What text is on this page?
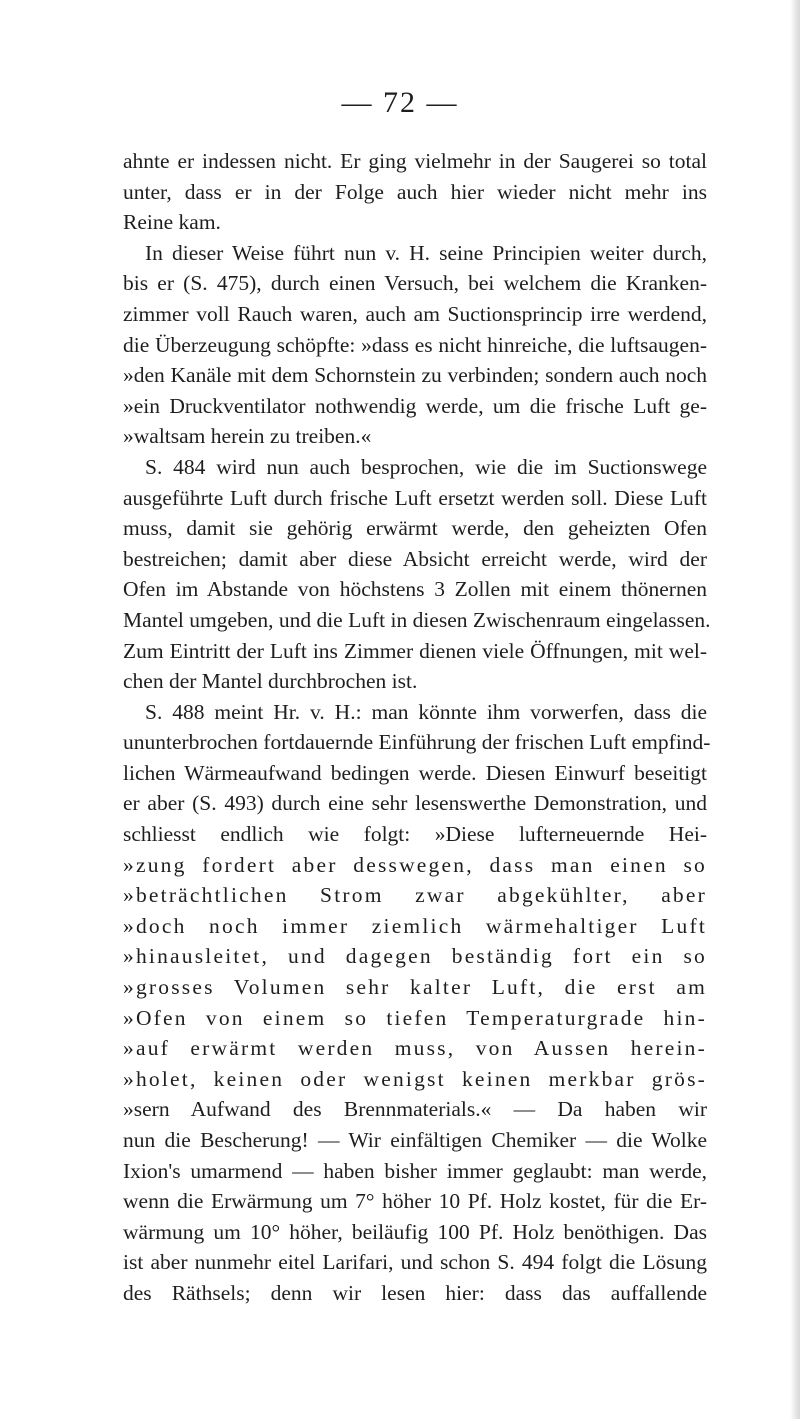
— 72 —
ahnte er indessen nicht. Er ging vielmehr in der Saugerei so total
unter, dass er in der Folge auch hier wieder nicht mehr ins
Reine kam.
In dieser Weise führt nun v. H. seine Principien weiter durch,
bis er (S. 475), durch einen Versuch, bei welchem die Kranken-
zimmer voll Rauch waren, auch am Suctionsprincip irre werdend,
die Überzeugung schöpfte: »dass es nicht hinreiche, die luftsaugen-
»den Kanäle mit dem Schornstein zu verbinden; sondern auch noch
»ein Druckventilator nothwendig werde, um die frische Luft ge-
»waltsam herein zu treiben.«
S. 484 wird nun auch besprochen, wie die im Suctionswege
ausgeführte Luft durch frische Luft ersetzt werden soll. Diese Luft
muss, damit sie gehörig erwärmt werde, den geheizten Ofen
bestreichen; damit aber diese Absicht erreicht werde, wird der
Ofen im Abstande von höchstens 3 Zollen mit einem thönernen
Mantel umgeben, und die Luft in diesen Zwischenraum eingelassen.
Zum Eintritt der Luft ins Zimmer dienen viele Öffnungen, mit wel-
chen der Mantel durchbrochen ist.
S. 488 meint Hr. v. H.: man könnte ihm vorwerfen, dass die
ununterbrochen fortdauernde Einführung der frischen Luft empfind-
lichen Wärmeaufwand bedingen werde. Diesen Einwurf beseitigt
er aber (S. 493) durch eine sehr lesenswerthe Demonstration, und
schliesst endlich wie folgt: »Diese lufterneuernde Hei-
»zung fordert aber desswegen, dass man einen so
»beträchtlichen Strom zwar abgekühlter, aber
»doch noch immer ziemlich wärmehaltiger Luft
»hinausleitet, und dagegen beständig fort ein so
»grosses Volumen sehr kalter Luft, die erst am
»Ofen von einem so tiefen Temperaturgrade hin-
»auf erwärmt werden muss, von Aussen herein-
»holet, keinen oder wenigst keinen merkbar grös-
»sern Aufwand des Brennmaterials.« — Da haben wir
nun die Bescherung! — Wir einfältigen Chemiker — die Wolke
Ixion's umarmend — haben bisher immer geglaubt: man werde,
wenn die Erwärmung um 7° höher 10 Pf. Holz kostet, für die Er-
wärmung um 10° höher, beiläufig 100 Pf. Holz benöthigen. Das
ist aber nunmehr eitel Larifari, und schon S. 494 folgt die Lösung
des Räthsels; denn wir lesen hier: dass das auffallende
